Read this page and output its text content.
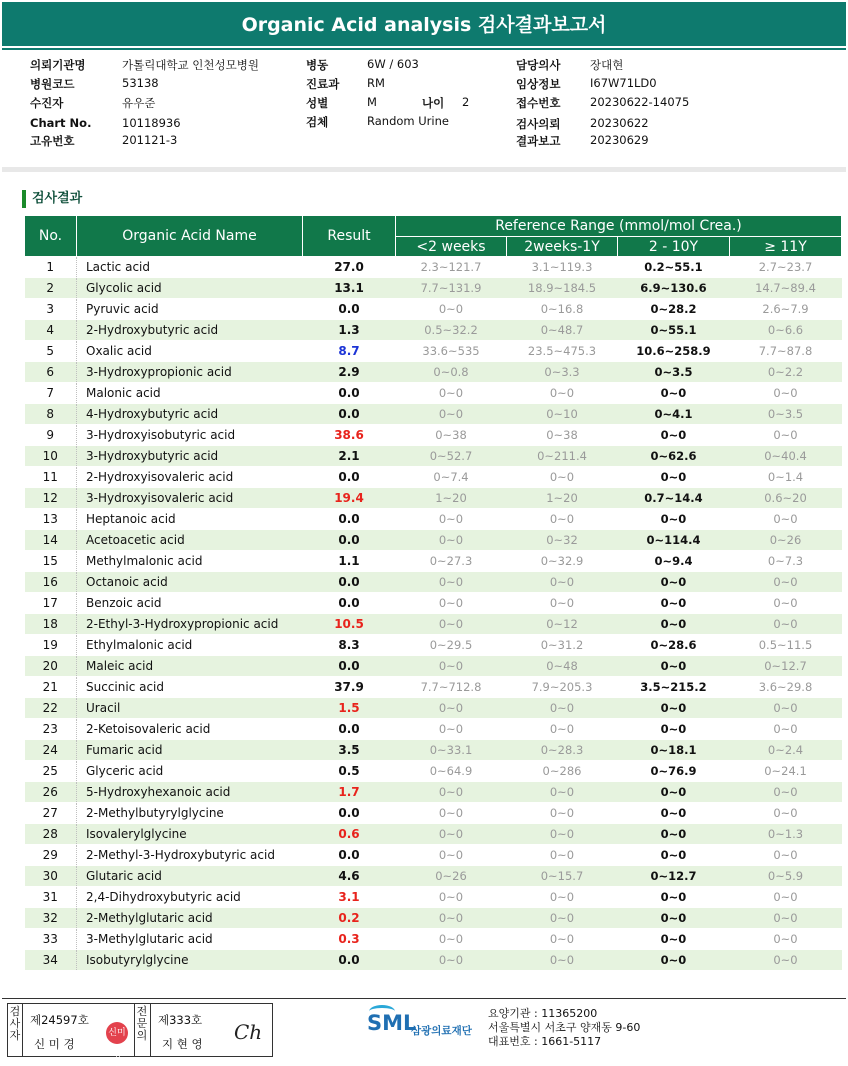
Organic Acid analysis 검사결과보고서
의뢰기관명	가톨릭대학교 인천성모병원
병원코드	53138
수진자	유우준
Chart No.	10118936
고유번호	201121-3
병동	6W / 603
진료과 RM
성별	M	나이 2
검체	Random Urine
담당의사	장대현
임상정보	I67W71LD0
접수번호	20230622-14075
검사의뢰	20230622
결과보고	20230629
검사결과
No.	Organic Acid Name	Result	Reference Range (mmol/mol Crea.)			
			<2 weeks	2weeks-1Y	2 - 10Y	≥ 11Y
1	Lactic acid	27.0	2.3~121.7	3.1~119.3	0.2~55.1	2.7~23.7
2	Glycolic acid	13.1	7.7~131.9	18.9~184.5	6.9~130.6	14.7~89.4
3	Pyruvic acid	0.0	0~0	0~16.8	0~28.2	2.6~7.9
4	2-Hydroxybutyric acid	1.3	0.5~32.2	0~48.7	0~55.1	0~6.6
5	Oxalic acid	8.7	33.6~535	23.5~475.3	10.6~258.9	7.7~87.8
6	3-Hydroxypropionic acid	2.9	0~0.8	0~3.3	0~3.5	0~2.2
7	Malonic acid	0.0	0~0	0~0	0~0	0~0
8	4-Hydroxybutyric acid	0.0	0~0	0~10	0~4.1	0~3.5
9	3-Hydroxyisobutyric acid	38.6	0~38	0~38	0~0	0~0
10	3-Hydroxybutyric acid	2.1	0~52.7	0~211.4	0~62.6	0~40.4
11	2-Hydroxyisovaleric acid	0.0	0~7.4	0~0	0~0	0~1.4
12	3-Hydroxyisovaleric acid	19.4	1~20	1~20	0.7~14.4	0.6~20
13	Heptanoic acid	0.0	0~0	0~0	0~0	0~0
14	Acetoacetic acid	0.0	0~0	0~32	0~114.4	0~26
15	Methylmalonic acid	1.1	0~27.3	0~32.9	0~9.4	0~7.3
16	Octanoic acid	0.0	0~0	0~0	0~0	0~0
17	Benzoic acid	0.0	0~0	0~0	0~0	0~0
18	2-Ethyl-3-Hydroxypropionic acid	10.5	0~0	0~12	0~0	0~0
19	Ethylmalonic acid	8.3	0~29.5	0~31.2	0~28.6	0.5~11.5
20	Maleic acid	0.0	0~0	0~48	0~0	0~12.7
21	Succinic acid	37.9	7.7~712.8	7.9~205.3	3.5~215.2	3.6~29.8
22	Uracil	1.5	0~0	0~0	0~0	0~0
23	2-Ketoisovaleric acid	0.0	0~0	0~0	0~0	0~0
24	Fumaric acid	3.5	0~33.1	0~28.3	0~18.1	0~2.4
25	Glyceric acid	0.5	0~64.9	0~286	0~76.9	0~24.1
26	5-Hydroxyhexanoic acid	1.7	0~0	0~0	0~0	0~0
27	2-Methylbutyrylglycine	0.0	0~0	0~0	0~0	0~0
28	Isovalerylglycine	0.6	0~0	0~0	0~0	0~1.3
29	2-Methyl-3-Hydroxybutyric acid	0.0	0~0	0~0	0~0	0~0
30	Glutaric acid	4.6	0~26	0~15.7	0~12.7	0~5.9
31	2,4-Dihydroxybutyric acid	3.1	0~0	0~0	0~0	0~0
32	2-Methylglutaric acid	0.2	0~0	0~0	0~0	0~0
33	3-Methylglutaric acid	0.3	0~0	0~0	0~0	0~0
34	Isobutyrylglycine	0.0	0~0	0~0	0~0	0~0
검사자
제24597호
신 미 경
신미경
전문의
제333호
지 현 영 Ch	SML
삼광의료재단
요양기관 : 11365200
서울특별시 서초구 양재동 9-60
대표번호 : 1661-5117
